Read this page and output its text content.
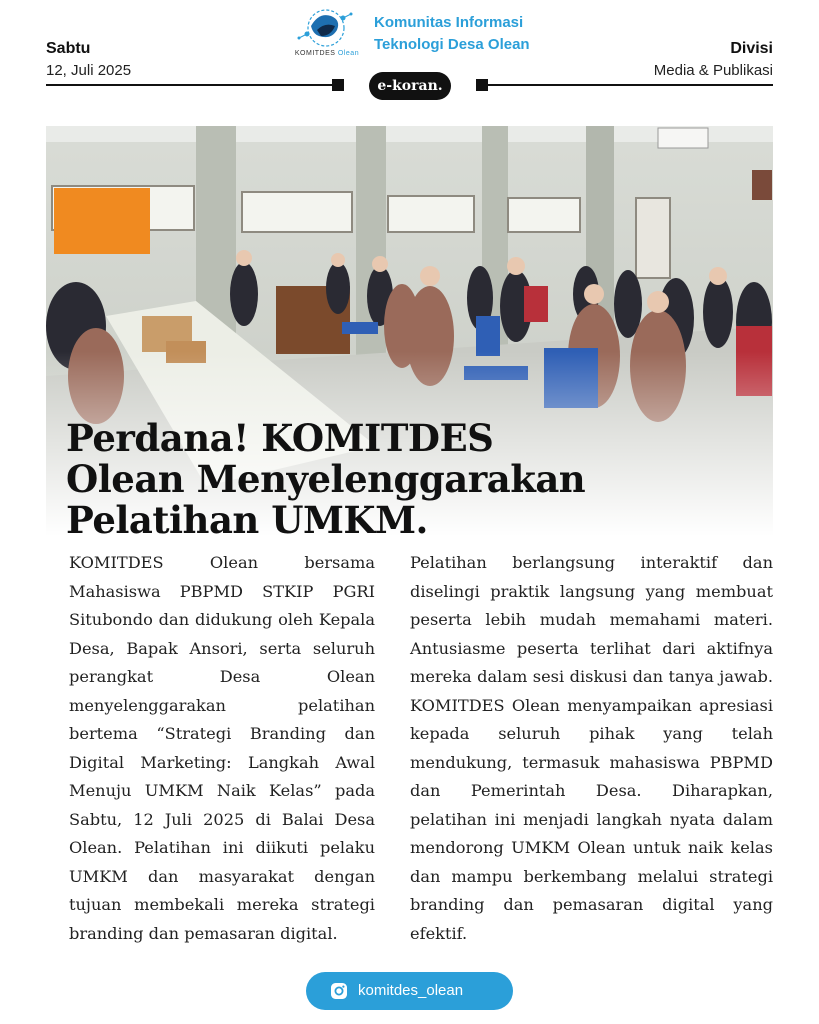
Sabtu
12, Juli 2025
KOMITDES Olean
Komunitas Informasi
Teknologi Desa Olean	Divisi
Media & Publikasi
e-koran.
Perdana! KOMITDES
Olean Menyelenggarakan
Pelatihan UMKM.

KOMITDES Olean bersama Mahasiswa PBPMD STKIP PGRI Situbondo dan didukung oleh Kepala Desa, Bapak Ansori, serta seluruh perangkat Desa Olean menyelenggarakan pelatihan bertema “Strategi Branding dan Digital Marketing: Langkah Awal Menuju UMKM Naik Kelas” pada Sabtu, 12 Juli 2025 di Balai Desa Olean. Pelatihan ini diikuti pelaku UMKM dan masyarakat dengan tujuan membekali mereka strategi branding dan pemasaran digital.

Pelatihan berlangsung interaktif dan diselingi praktik langsung yang membuat peserta lebih mudah memahami materi. Antusiasme peserta terlihat dari aktifnya mereka dalam sesi diskusi dan tanya jawab. KOMITDES Olean menyampaikan apresiasi kepada seluruh pihak yang telah mendukung, termasuk mahasiswa PBPMD dan Pemerintah Desa. Diharapkan, pelatihan ini menjadi langkah nyata dalam mendorong UMKM Olean untuk naik kelas dan mampu berkembang melalui strategi branding dan pemasaran digital yang efektif.

komitdes_olean
